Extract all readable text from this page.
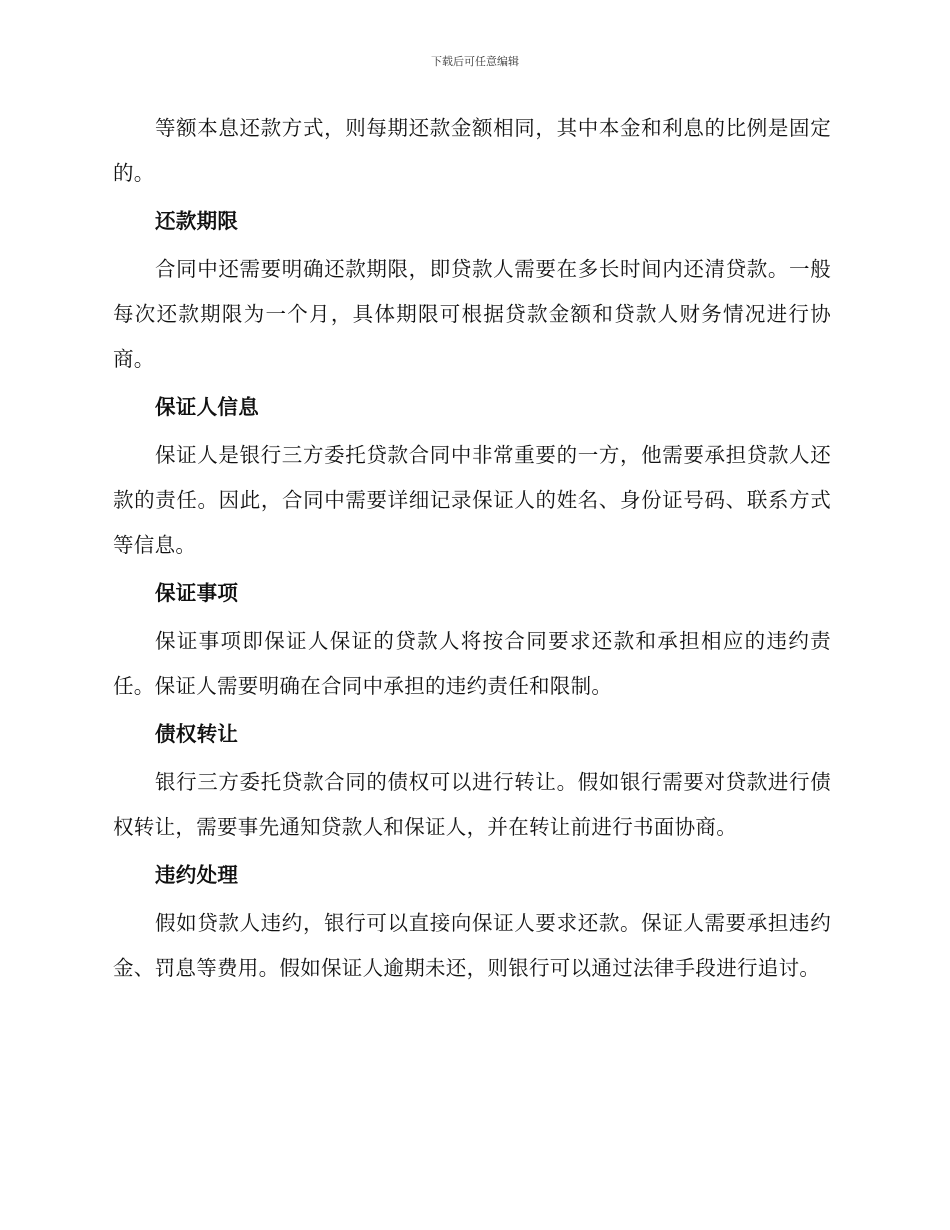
下载后可任意编辑

等额本息还款方式，则每期还款金额相同，其中本金和利息的比例是固定的。

还款期限

合同中还需要明确还款期限，即贷款人需要在多长时间内还清贷款。一般每次还款期限为一个月，具体期限可根据贷款金额和贷款人财务情况进行协商。

保证人信息

保证人是银行三方委托贷款合同中非常重要的一方，他需要承担贷款人还款的责任。因此，合同中需要详细记录保证人的姓名、身份证号码、联系方式等信息。

保证事项

保证事项即保证人保证的贷款人将按合同要求还款和承担相应的违约责任。保证人需要明确在合同中承担的违约责任和限制。

债权转让

银行三方委托贷款合同的债权可以进行转让。假如银行需要对贷款进行债权转让，需要事先通知贷款人和保证人，并在转让前进行书面协商。

违约处理

假如贷款人违约，银行可以直接向保证人要求还款。保证人需要承担违约金、罚息等费用。假如保证人逾期未还，则银行可以通过法律手段进行追讨。
